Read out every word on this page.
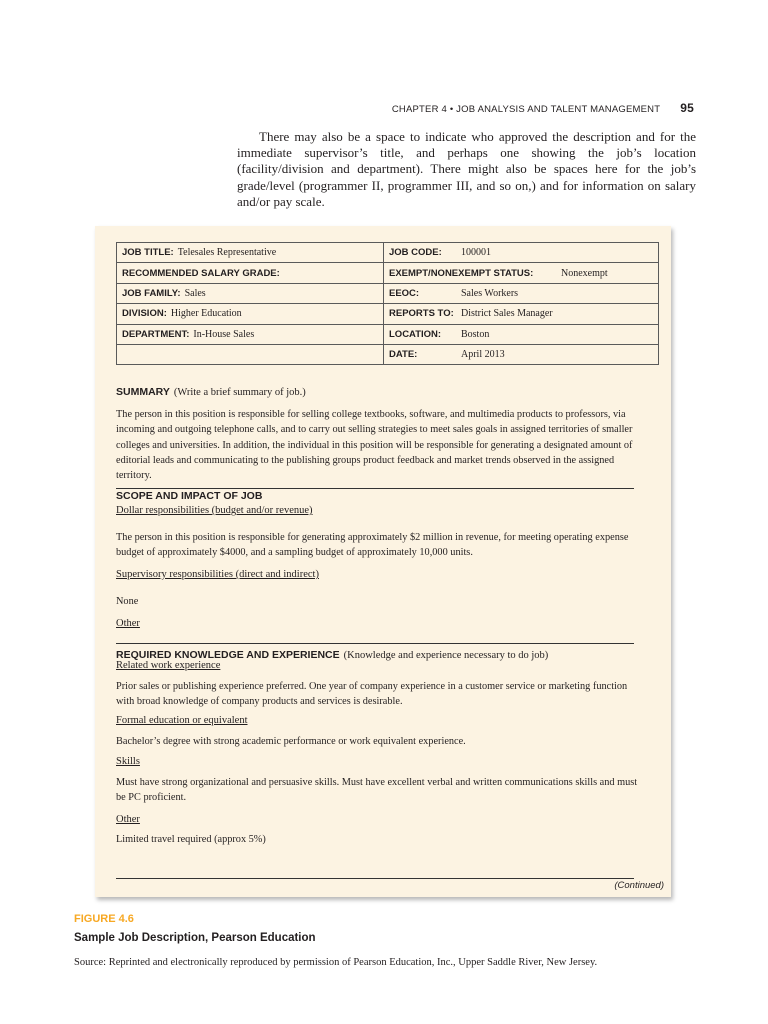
CHAPTER 4 • JOB ANALYSIS AND TALENT MANAGEMENT 95

There may also be a space to indicate who approved the description and for the immediate supervisor’s title, and perhaps one showing the job’s location (facility/division and department). There might also be spaces here for the job’s grade/level (programmer II, programmer III, and so on,) and for information on salary and/or pay scale.

JOB TITLE: Telesales Representative	JOB CODE: 100001
RECOMMENDED SALARY GRADE:	EXEMPT/NONEXEMPT STATUS: Nonexempt
JOB FAMILY: Sales	EEOC: Sales Workers
DIVISION: Higher Education	REPORTS TO: District Sales Manager
DEPARTMENT: In-House Sales	LOCATION: Boston
	DATE: April 2013
SUMMARY (Write a brief summary of job.)

The person in this position is responsible for selling college textbooks, software, and multimedia products to professors, via incoming and outgoing telephone calls, and to carry out selling strategies to meet sales goals in assigned territories of smaller colleges and universities. In addition, the individual in this position will be responsible for generating a designated amount of editorial leads and communicating to the publishing groups product feedback and market trends observed in the assigned territory.

SCOPE AND IMPACT OF JOB
Dollar responsibilities (budget and/or revenue)

The person in this position is responsible for generating approximately $2 million in revenue, for meeting operating expense budget of approximately $4000, and a sampling budget of approximately 10,000 units.

Supervisory responsibilities (direct and indirect)
None
Other
REQUIRED KNOWLEDGE AND EXPERIENCE (Knowledge and experience necessary to do job)
Related work experience

Prior sales or publishing experience preferred. One year of company experience in a customer service or marketing function with broad knowledge of company products and services is desirable.

Formal education or equivalent

Bachelor’s degree with strong academic performance or work equivalent experience.

Skills

Must have strong organizational and persuasive skills. Must have excellent verbal and written communications skills and must be PC proficient.

Other

Limited travel required (approx 5%)

(Continued)
FIGURE 4.6
Sample Job Description, Pearson Education
Source: Reprinted and electronically reproduced by permission of Pearson Education, Inc., Upper Saddle River, New Jersey.
